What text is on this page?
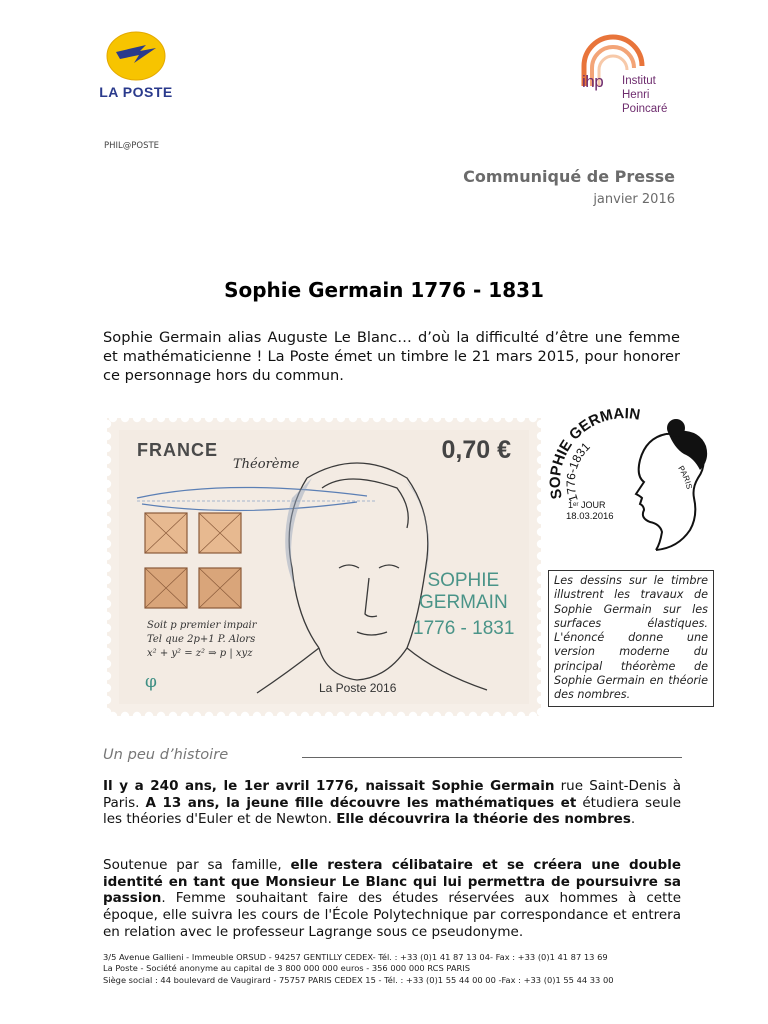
LA POSTE
ihp Institut
Henri
Poincaré
PHIL@POSTE
Communiqué de Presse
janvier 2016
Sophie Germain 1776 - 1831
Sophie Germain alias Auguste Le Blanc… d’où la difficulté d’être une femme et mathématicienne ! La Poste émet un timbre le 21 mars 2015, pour honorer ce personnage hors du commun.
Théorème
Soit p premier impair
Tel que 2p+1 P. Alors
x² + y² = z² ⇒ p | xyz
FRANCE	0,70 €
SOPHIE
GERMAIN
1776 - 1831
φ	La Poste 2016
SOPHIE GERMAIN
1776-1831
PARIS
1ᵉʳ JOUR
18.03.2016
Les dessins sur le timbre illustrent les travaux de Sophie Germain sur les surfaces élastiques. L'énoncé donne une version moderne du principal théorème de Sophie Germain en théorie des nombres.
Un peu d’histoire
Il y a 240 ans, le 1er avril 1776, naissait Sophie Germain rue Saint-Denis à Paris. A 13 ans, la jeune fille découvre les mathématiques et étudiera seule les théories d'Euler et de Newton. Elle découvrira la théorie des nombres.
Soutenue par sa famille, elle restera célibataire et se créera une double identité en tant que Monsieur Le Blanc qui lui permettra de poursuivre sa passion. Femme souhaitant faire des études réservées aux hommes à cette époque, elle suivra les cours de l'École Polytechnique par correspondance et entrera en relation avec le professeur Lagrange sous ce pseudonyme.
3/5 Avenue Gallieni - Immeuble ORSUD - 94257 GENTILLY CEDEX- Tél. : +33 (0)1 41 87 13 04- Fax : +33 (0)1 41 87 13 69
La Poste - Société anonyme au capital de 3 800 000 000 euros - 356 000 000 RCS PARIS
Siège social : 44 boulevard de Vaugirard - 75757 PARIS CEDEX 15 - Tél. : +33 (0)1 55 44 00 00 -Fax : +33 (0)1 55 44 33 00
